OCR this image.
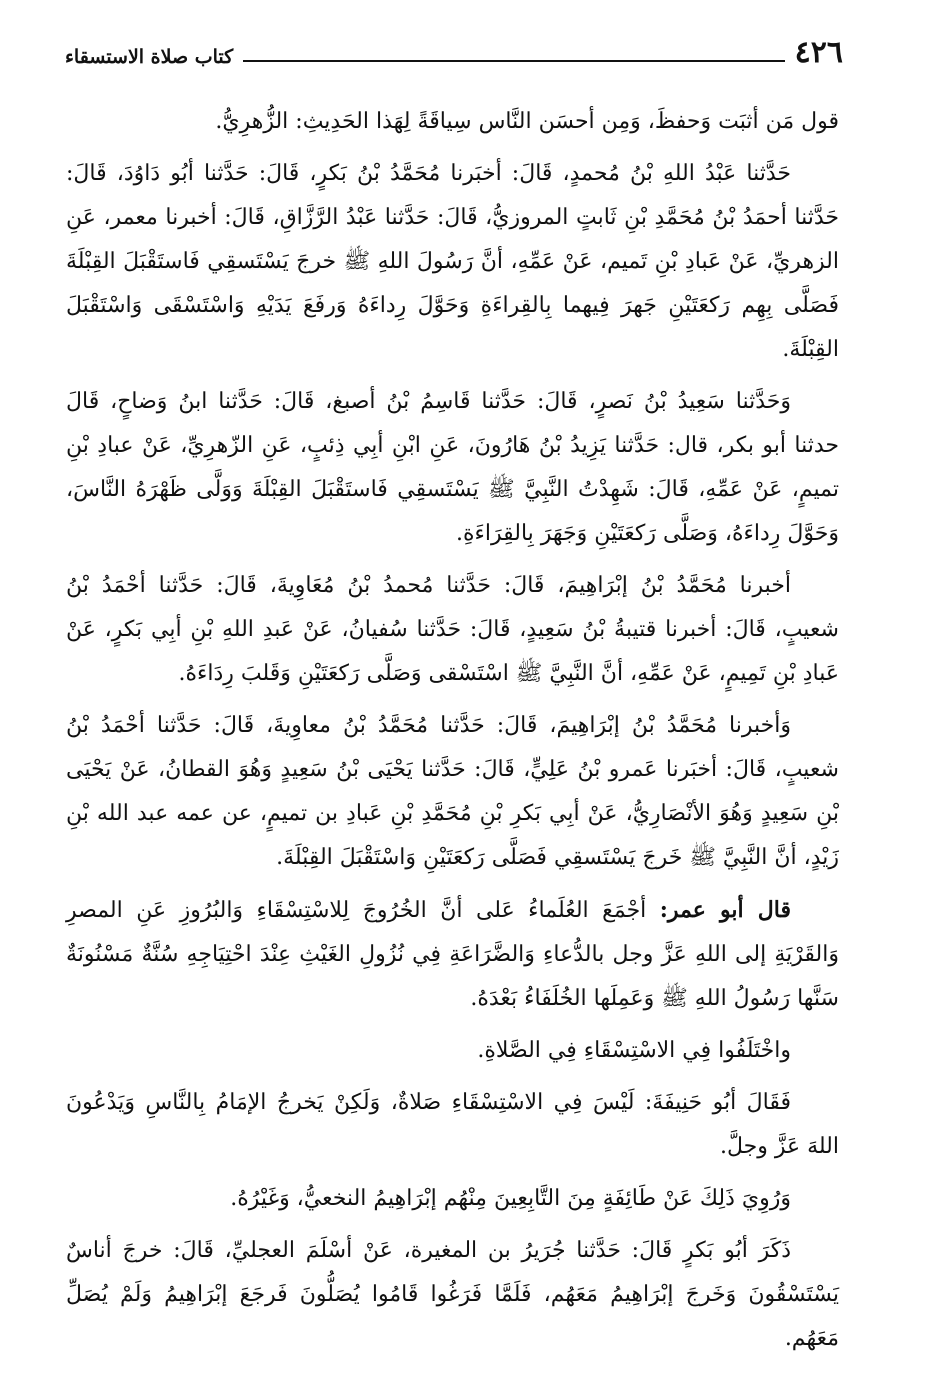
٤٢٦
كتاب صلاة الاستسقاء

قول مَن أثبَت وَحفظَ، وَمِن أحسَن النَّاس سِياقَةً لِهَذا الحَدِيثِ: الزُّهرِيُّ.

حَدَّثنا عَبْدُ اللهِ بْنُ مُحمدٍ، قَالَ: أخبَرنا مُحَمَّدُ بْنُ بَكرٍ، قَالَ: حَدَّثنا أبُو دَاوُدَ، قَالَ: حَدَّثنا أحمَدُ بْنُ مُحَمَّدِ بْنِ ثَابتٍ المروزيُّ، قَالَ: حَدَّثنا عَبْدُ الرَّزَّاقِ، قَالَ: أخبرنا معمر، عَنِ الزهريِّ، عَنْ عَبادِ بْنِ تَميم، عَنْ عَمِّهِ، أنَّ رَسُولَ اللهِ ﷺ خرجَ يَسْتَسقِي فَاستَقْبَلَ القِبْلَةَ فَصَلَّى بِهِم رَكعَتَيْنِ جَهرَ فِيهما بِالقِراءَةِ وَحَوَّلَ رِداءَهُ وَرفَعَ يَدَيْهِ وَاسْتَسْقَى وَاسْتَقْبَلَ القِبْلَةَ.

وَحَدَّثنا سَعِيدُ بْنُ نَصرٍ، قَالَ: حَدَّثنا قَاسِمُ بْنُ أصبغ، قَالَ: حَدَّثنا ابنُ وَضاحٍ، قَالَ حدثنا أبو بكر، قال: حَدَّثنا يَزِيدُ بْنُ هَارُونَ، عَنِ ابْنِ أبِي ذِئبٍ، عَنِ الزّهرِيِّ، عَنْ عبادِ بْنِ تميمٍ، عَنْ عَمِّهِ، قَالَ: شَهِدْتُ النَّبِيَّ ﷺ يَسْتَسقِي فَاستَقْبَلَ القِبْلَةَ وَوَلَّى ظَهْرَهُ النَّاسَ، وَحَوَّلَ رِداءَهُ، وَصَلَّى رَكعَتَيْنِ وَجَهَرَ بِالقِرَاءَةِ.

أخبرنا مُحَمَّدُ بْنُ إبْرَاهِيمَ، قَالَ: حَدَّثنا مُحمدُ بْنُ مُعَاوِيةَ، قَالَ: حَدَّثنا أحْمَدُ بْنُ شعيبٍ، قَالَ: أخبرنا قتيبةُ بْنُ سَعِيدٍ، قَالَ: حَدَّثنا سُفيانُ، عَنْ عَبدِ اللهِ بْنِ أبِي بَكرٍ، عَنْ عَبادِ بْنِ تَمِيمٍ، عَنْ عَمِّهِ، أنَّ النَّبِيَّ ﷺ اسْتَسْقى وَصَلَّى رَكعَتَيْنِ وَقَلبَ رِدَاءَهُ.

وَأخبرنا مُحَمَّدُ بْنُ إبْرَاهِيمَ، قَالَ: حَدَّثنا مُحَمَّدُ بْنُ معاوِيةَ، قَالَ: حَدَّثنا أحْمَدُ بْنُ شعيبٍ، قَالَ: أخبَرنا عَمرو بْنُ عَلِيٍّ، قَالَ: حَدَّثنا يَحْيَى بْنُ سَعِيدٍ وَهُوَ القطانُ، عَنْ يَحْيَى بْنِ سَعِيدٍ وَهُوَ الأنْصَارِيُّ، عَنْ أبِي بَكرِ بْنِ مُحَمَّدِ بْنِ عَبادِ بن تميمٍ، عن عمه عبد الله بْنِ زَيْدٍ، أنَّ النَّبِيَّ ﷺ خَرجَ يَسْتَسقِي فَصَلَّى رَكعَتَيْنِ وَاسْتَقْبَلَ القِبْلَةَ.

قال أبو عمر: أجْمَعَ العُلَماءُ عَلى أنَّ الخُرُوجَ لِلاسْتِسْقَاءِ وَالبُرُوزِ عَنِ المصرِ وَالقَرْيَةِ إلى اللهِ عَزَّ وجل بالدُّعاءِ وَالضَّرَاعَةِ فِي نُزُولِ الغَيْثِ عِنْدَ احْتِيَاجِهِ سُنَّةٌ مَسْنُونَةٌ سَنَّها رَسُولُ اللهِ ﷺ وَعَمِلَها الخُلَفَاءُ بَعْدَهُ.

واخْتَلَفُوا فِي الاسْتِسْقَاءِ فِي الصَّلاةِ.

فَقَالَ أبُو حَنِيفَةَ: لَيْسَ فِي الاسْتِسْقَاءِ صَلاةٌ، وَلَكِنْ يَخرجُ الإمَامُ بِالنَّاسِ وَيَدْعُونَ اللهَ عَزَّ وجلَّ.

وَرُوِيَ ذَلِكَ عَنْ طَائِفَةٍ مِنَ التَّابِعِينَ مِنْهُم إبْرَاهِيمُ النخعيُّ، وَغَيْرُهُ.

ذَكَرَ أبُو بَكرٍ قَالَ: حَدَّثنا جُرَيرُ بن المغيرة، عَنْ أسْلَمَ العجليِّ، قَالَ: خرجَ أناسٌ يَسْتَسْقُونَ وَخَرجَ إبْرَاهِيمُ مَعَهُم، فَلَمَّا فَرَغُوا قَامُوا يُصَلُّونَ فَرجَعَ إبْرَاهِيمُ وَلَمْ يُصَلِّ مَعَهُم.
